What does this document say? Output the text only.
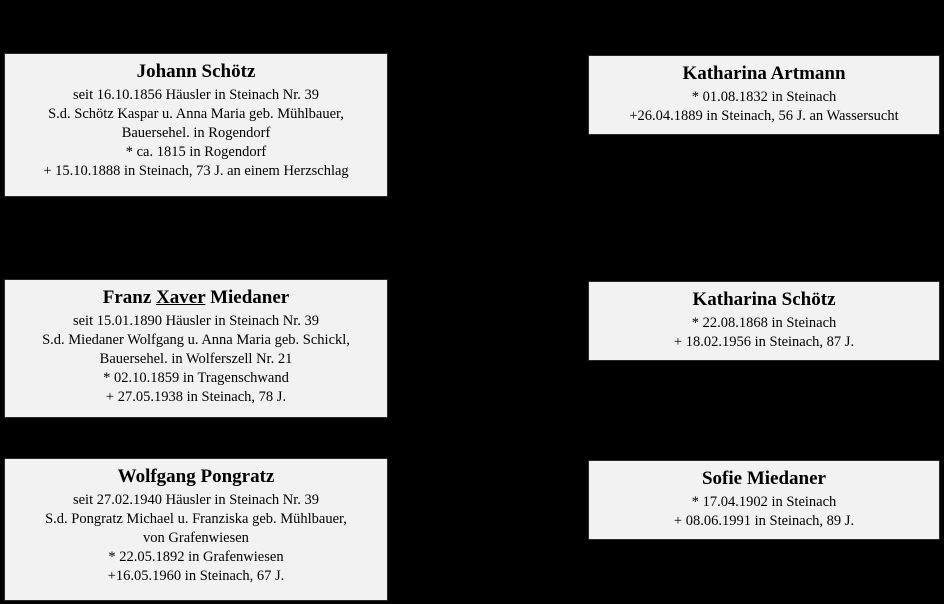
Johann Schötz
seit 16.10.1856 Häusler in Steinach Nr. 39
S.d. Schötz Kaspar u. Anna Maria geb. Mühlbauer,
Bauersehel. in Rogendorf
* ca. 1815 in Rogendorf
+ 15.10.1888 in Steinach, 73 J. an einem Herzschlag
Katharina Artmann
* 01.08.1832 in Steinach
+26.04.1889 in Steinach, 56 J. an Wassersucht
Franz Xaver Miedaner
seit 15.01.1890 Häusler in Steinach Nr. 39
S.d. Miedaner Wolfgang u. Anna Maria geb. Schickl,
Bauersehel. in Wolferszell Nr. 21
* 02.10.1859 in Tragenschwand
+ 27.05.1938 in Steinach, 78 J.
Katharina Schötz
* 22.08.1868 in Steinach
+ 18.02.1956 in Steinach, 87 J.
Wolfgang Pongratz
seit 27.02.1940 Häusler in Steinach Nr. 39
S.d. Pongratz Michael u. Franziska geb. Mühlbauer,
von Grafenwiesen
* 22.05.1892 in Grafenwiesen
+16.05.1960 in Steinach, 67 J.
Sofie Miedaner
* 17.04.1902 in Steinach
+ 08.06.1991 in Steinach, 89 J.
